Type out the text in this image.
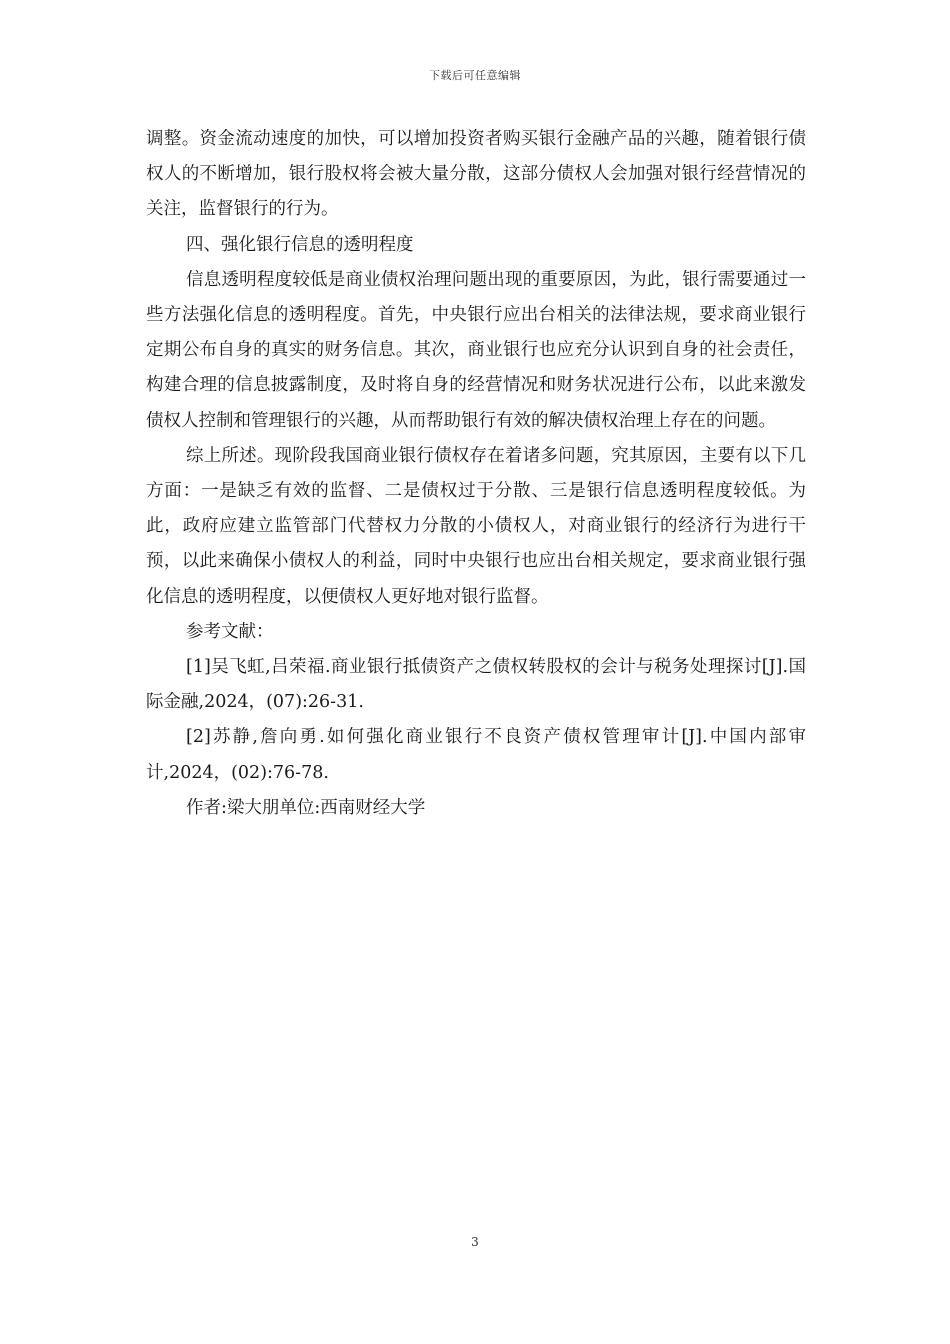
下载后可任意编辑

调整。资金流动速度的加快，可以增加投资者购买银行金融产品的兴趣，随着银行债权人的不断增加，银行股权将会被大量分散，这部分债权人会加强对银行经营情况的关注，监督银行的行为。

四、强化银行信息的透明程度

信息透明程度较低是商业债权治理问题出现的重要原因，为此，银行需要通过一些方法强化信息的透明程度。首先，中央银行应出台相关的法律法规，要求商业银行定期公布自身的真实的财务信息。其次，商业银行也应充分认识到自身的社会责任，构建合理的信息披露制度，及时将自身的经营情况和财务状况进行公布，以此来激发债权人控制和管理银行的兴趣，从而帮助银行有效的解决债权治理上存在的问题。

综上所述。现阶段我国商业银行债权存在着诸多问题，究其原因，主要有以下几方面：一是缺乏有效的监督、二是债权过于分散、三是银行信息透明程度较低。为此，政府应建立监管部门代替权力分散的小债权人，对商业银行的经济行为进行干预，以此来确保小债权人的利益，同时中央银行也应出台相关规定，要求商业银行强化信息的透明程度，以便债权人更好地对银行监督。

参考文献：

[1]吴飞虹,吕荣福.商业银行抵债资产之债权转股权的会计与税务处理探讨[J].国际金融,2024，(07):26-31.

[2]苏静,詹向勇.如何强化商业银行不良资产债权管理审计[J].中国内部审计,2024，(02):76-78.

作者:梁大朋单位:西南财经大学

3
